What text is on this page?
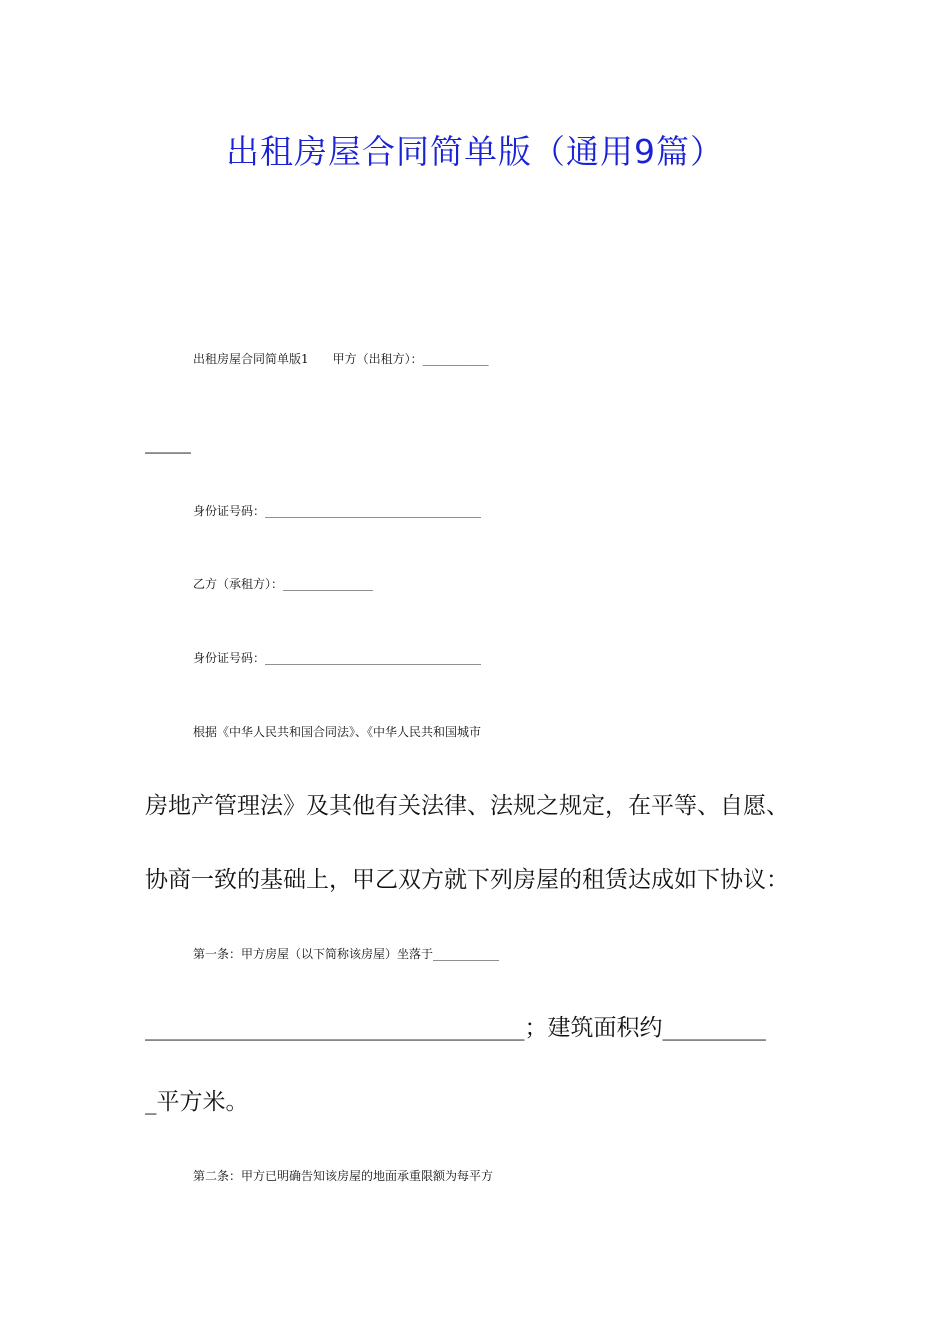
出租房屋合同简单版（通用9篇）

出租房屋合同简单版1　　甲方（出租方）：___________

____

身份证号码：____________________________________

乙方（承租方）：_______________

身份证号码：____________________________________

根据《中华人民共和国合同法》、《中华人民共和国城市

房地产管理法》及其他有关法律、法规之规定，在平等、自愿、

协商一致的基础上，甲乙双方就下列房屋的租赁达成如下协议：

第一条：甲方房屋（以下简称该房屋）坐落于___________

_________________________________；建筑面积约_________

_平方米。

第二条：甲方已明确告知该房屋的地面承重限额为每平方
